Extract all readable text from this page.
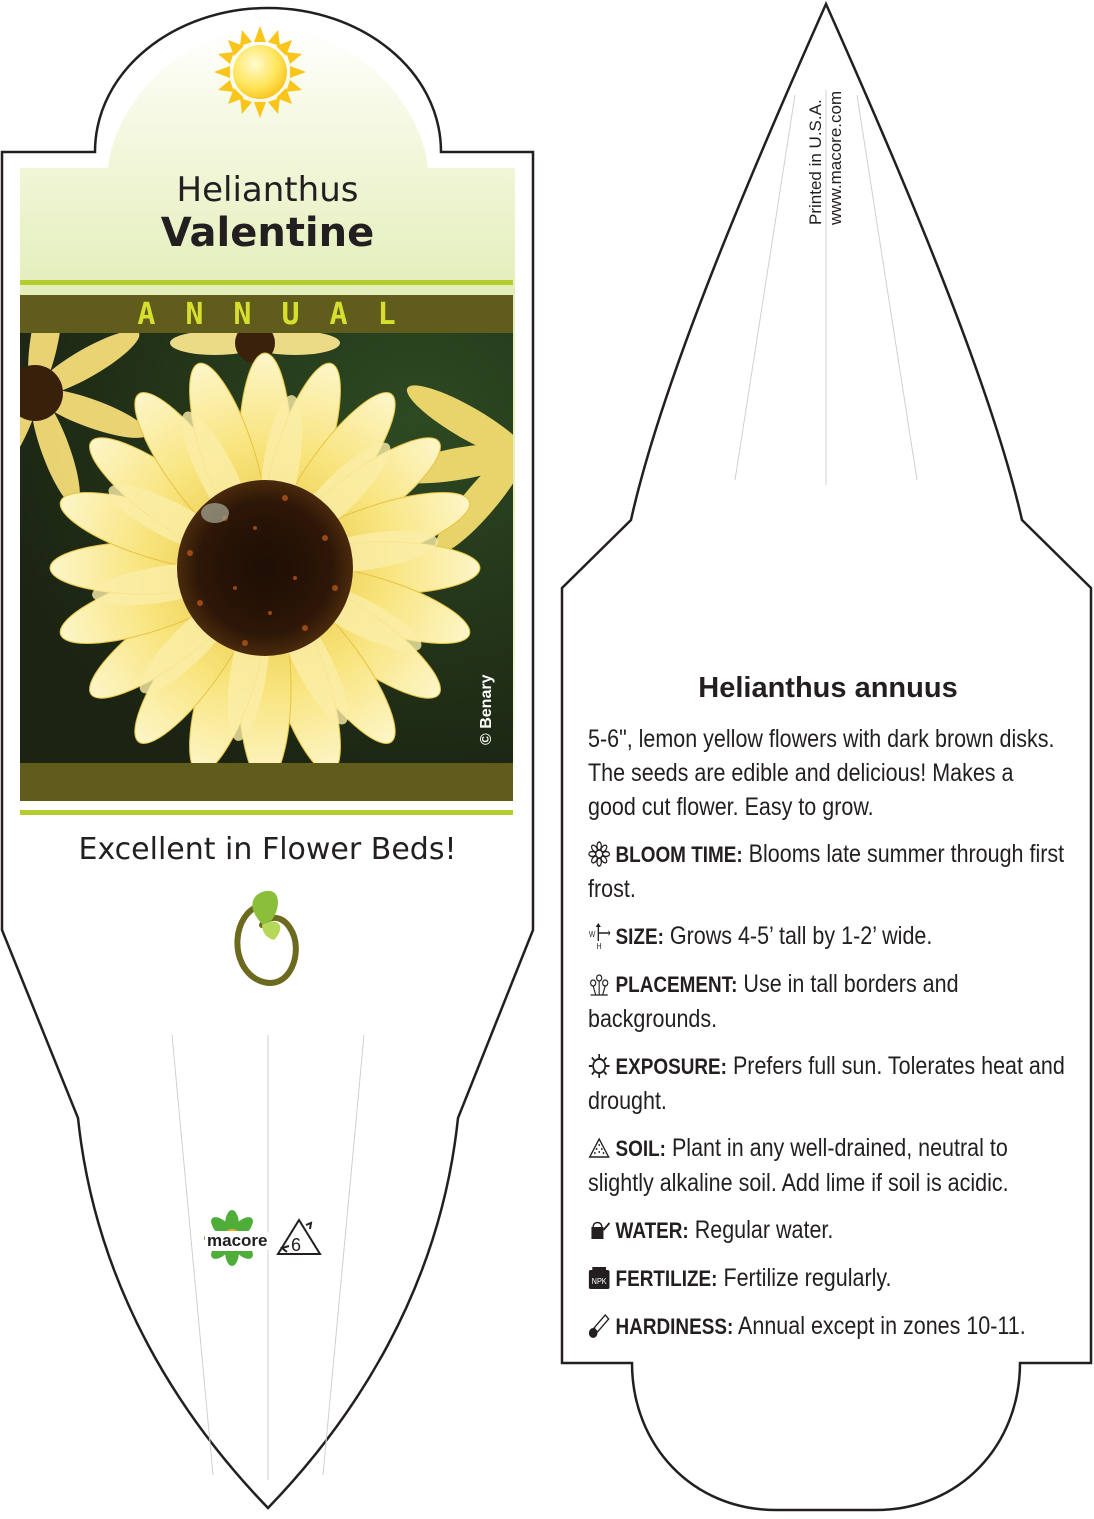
Helianthus
Valentine
ANNUAL
© Benary
Excellent in Flower Beds!
macore 6
Printed in U.S.A. www.macore.com
Helianthus annuus

5-6", lemon yellow flowers with dark brown disks. The seeds are edible and delicious! Makes a good cut flower. Easy to grow.

BLOOM TIME: Blooms late summer through first frost.

W
H SIZE: Grows 4-5’ tall by 1-2’ wide.

PLACEMENT: Use in tall borders and backgrounds.

EXPOSURE: Prefers full sun. Tolerates heat and drought.

SOIL: Plant in any well-drained, neutral to slightly alkaline soil. Add lime if soil is acidic.

WATER: Regular water.

NPK FERTILIZE: Fertilize regularly.

HARDINESS: Annual except in zones 10-11.
